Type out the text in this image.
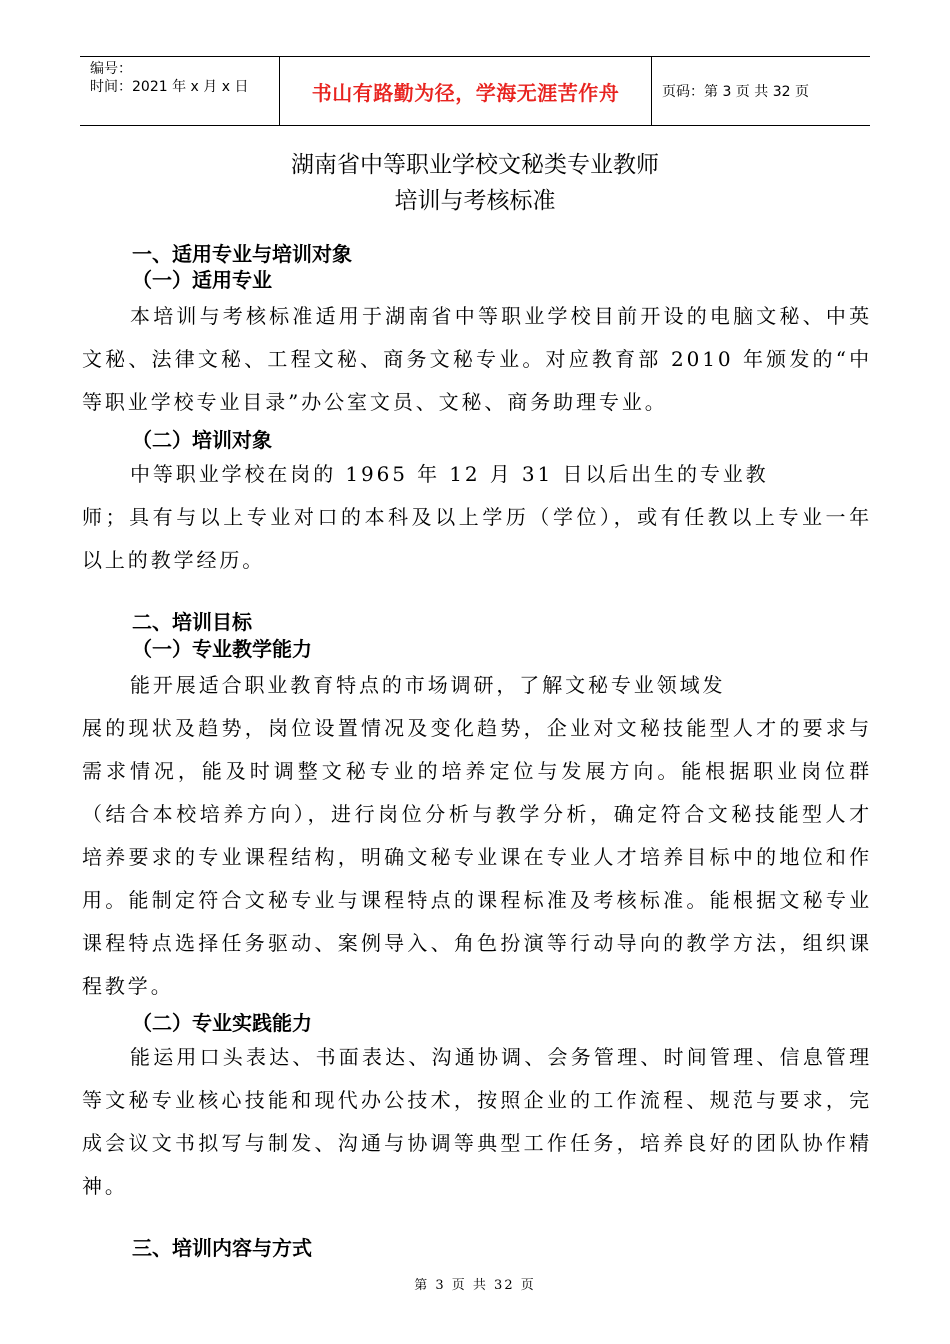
编号：
时间：2021 年 x 月 x 日	书山有路勤为径，学海无涯苦作舟	页码：第 3 页 共 32 页
湖南省中等职业学校文秘类专业教师
培训与考核标准
一、适用专业与培训对象
（一）适用专业
本培训与考核标准适用于湖南省中等职业学校目前开设的电脑文秘、中英文秘、法律文秘、工程文秘、商务文秘专业。对应教育部 2010 年颁发的“中等职业学校专业目录”办公室文员、文秘、商务助理专业。
（二）培训对象
中等职业学校在岗的 1965 年 12 月 31 日以后出生的专业教
师；具有与以上专业对口的本科及以上学历（学位），或有任教以上专业一年以上的教学经历。
二、培训目标
（一）专业教学能力
能开展适合职业教育特点的市场调研，了解文秘专业领域发
展的现状及趋势，岗位设置情况及变化趋势，企业对文秘技能型人才的要求与需求情况，能及时调整文秘专业的培养定位与发展方向。能根据职业岗位群（结合本校培养方向），进行岗位分析与教学分析，确定符合文秘技能型人才培养要求的专业课程结构，明确文秘专业课在专业人才培养目标中的地位和作用。能制定符合文秘专业与课程特点的课程标准及考核标准。能根据文秘专业课程特点选择任务驱动、案例导入、角色扮演等行动导向的教学方法，组织课程教学。
（二）专业实践能力
能运用口头表达、书面表达、沟通协调、会务管理、时间管理、信息管理等文秘专业核心技能和现代办公技术，按照企业的工作流程、规范与要求，完成会议文书拟写与制发、沟通与协调等典型工作任务，培养良好的团队协作精神。
三、培训内容与方式
第 3 页 共 32 页
